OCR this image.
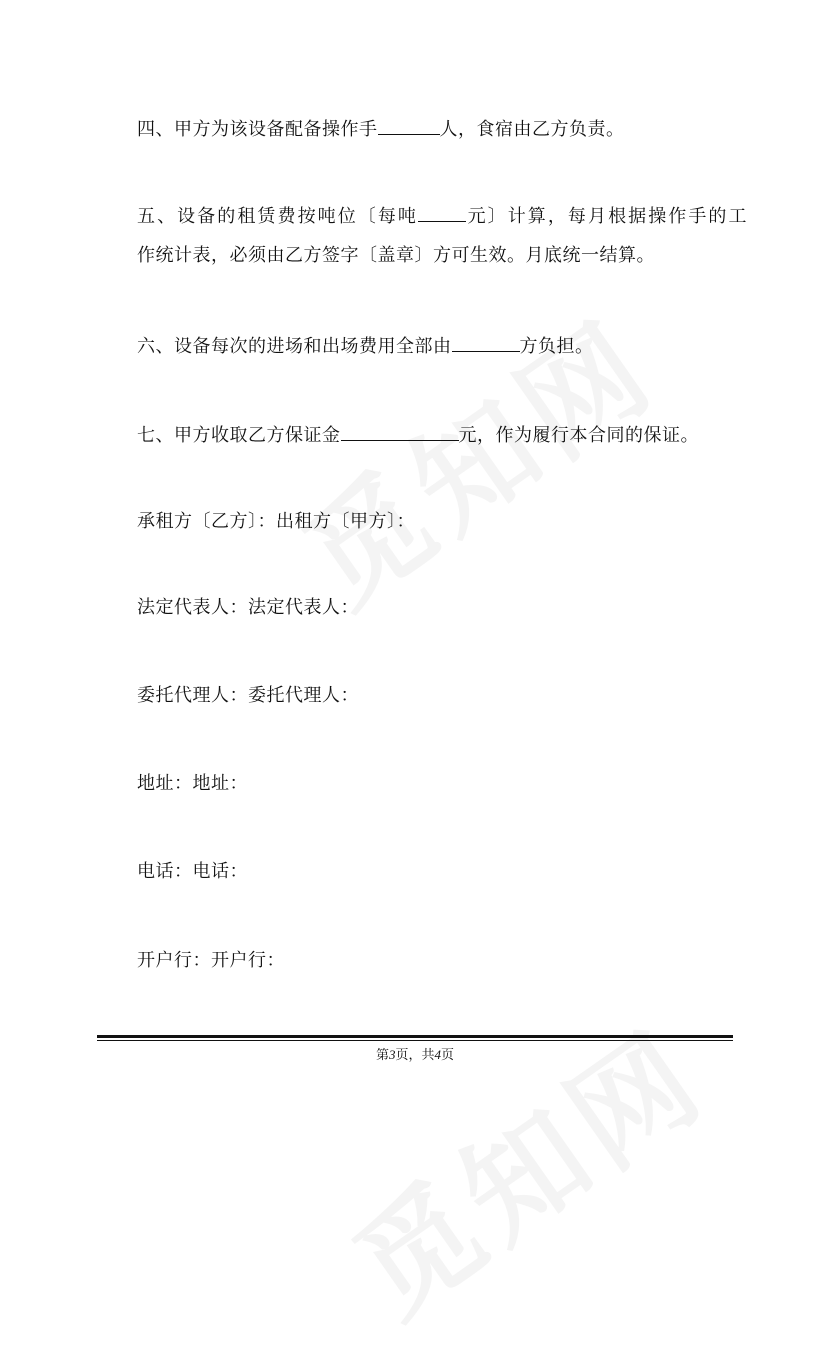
四、甲方为该设备配备操作手	人，食宿由乙方负责。
五、设备的租赁费按吨位〔每吨	元〕计算，每月根据操作手的工
作统计表，必须由乙方签字〔盖章〕方可生效。月底统一结算。
六、设备每次的进场和出场费用全部由	方负担。
七、甲方收取乙方保证金	元，作为履行本合同的保证。
承租方〔乙方〕：出租方〔甲方〕：
法定代表人：法定代表人：
委托代理人：委托代理人：
地址：地址：
电话：电话：
开户行：开户行：
第3页，共4页
